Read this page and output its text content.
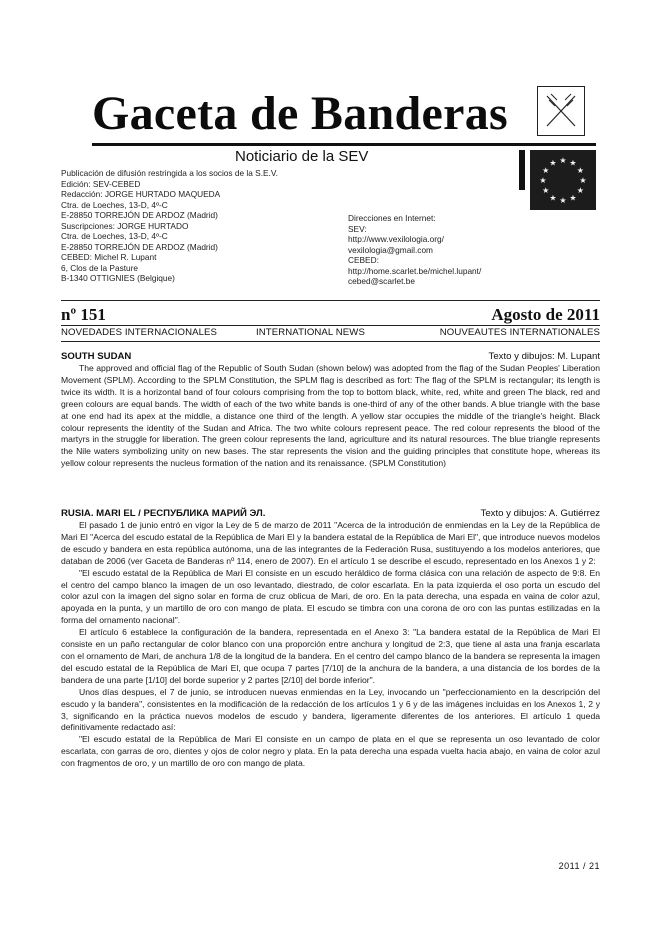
Gaceta de Banderas
Noticiario de la SEV	★ ★
★
★
★
★
★
★
★
★
★
★
Publicación de difusión restringida a los socios de la S.E.V.
Edición: SEV-CEBED
Redacción: JORGE HURTADO MAQUEDA
Ctra. de Loeches, 13-D, 4º-C
E-28850 TORREJÓN DE ARDOZ (Madrid)
Suscripciones: JORGE HURTADO
Ctra. de Loeches, 13-D, 4º-C
E-28850 TORREJÓN DE ARDOZ (Madrid)
CEBED: Michel R. Lupant
6, Clos de la Pasture
B-1340 OTTIGNIES (Belgique)
Direcciones en Internet:
SEV:
http://www.vexilologia.org/
vexilologia@gmail.com
CEBED:
http://home.scarlet.be/michel.lupant/
cebed@scarlet.be
nº 151	Agosto de 2011
NOVEDADES INTERNACIONALES	INTERNATIONAL NEWS	NOUVEAUTES INTERNATIONALES
SOUTH SUDAN	Texto y dibujos: M. Lupant

The approved and official flag of the Republic of South Sudan (shown below) was adopted from the flag of the Sudan Peoples' Liberation Movement (SPLM). According to the SPLM Constitution, the SPLM flag is described as fort: The flag of the SPLM is rectangular; its length is twice its width. It is a horizontal band of four colours comprising from the top to bottom black, white, red, white and green The black, red and green colours are equal bands. The width of each of the two white bands is one-third of any of the other bands. A blue triangle with the base at one end had its apex at the middle, a distance one third of the length. A yellow star occupies the middle of the triangle's height. Black colour represents the identity of the Sudan and Africa. The two white colours represent peace. The red colour represents the blood of the martyrs in the struggle for liberation. The green colour represents the land, agriculture and its natural resources. The blue triangle represents the Nile waters symbolizing unity on new bases. The star represents the vision and the guiding principles that constitute hope, whereas its yellow colour represents the nucleus formation of the nation and its renaissance. (SPLM Constitution)

RUSIA. MARI EL / РЕСПУБЛИКА МАРИЙ ЭЛ.	Texto y dibujos: A. Gutiérrez

El pasado 1 de junio entró en vigor la Ley de 5 de marzo de 2011 "Acerca de la introdución de enmiendas en la Ley de la República de Mari El "Acerca del escudo estatal de la República de Mari El y la bandera estatal de la República de Mari El", que introduce nuevos modelos de escudo y bandera en esta república autónoma, una de las integrantes de la Federación Rusa, sustituyendo a los modelos anteriores, que databan de 2006 (ver Gaceta de Banderas nº 114, enero de 2007). En el artículo 1 se describe el escudo, representado en los Anexos 1 y 2:

"El escudo estatal de la República de Mari El consiste en un escudo heráldico de forma clásica con una relación de aspecto de 9:8. En el centro del campo blanco la imagen de un oso levantado, diestrado, de color escarlata. En la pata izquierda el oso porta un escudo del color azul con la imagen del signo solar en forma de cruz oblicua de Mari, de oro. En la pata derecha, una espada en vaina de color azul, apoyada en la punta, y un martillo de oro con mango de plata. El escudo se timbra con una corona de oro con las puntas estilizadas en la forma del ornamento nacional".

El artículo 6 establece la configuración de la bandera, representada en el Anexo 3: "La bandera estatal de la República de Mari El consiste en un paño rectangular de color blanco con una proporción entre anchura y longitud de 2:3, que tiene al asta una franja escarlata con el ornamento de Mari, de anchura 1/8 de la longitud de la bandera. En el centro del campo blanco de la bandera se representa la imagen del escudo estatal de la República de Mari El, que ocupa 7 partes [7/10] de la anchura de la bandera, a una distancia de los bordes de la bandera de una parte [1/10] del borde superior y 2 partes [2/10] del borde inferior".

Unos días despues, el 7 de junio, se introducen nuevas enmiendas en la Ley, invocando un "perfeccionamiento en la descripción del escudo y la bandera", consistentes en la modificación de la redacción de los artículos 1 y 6 y de las imágenes incluidas en los Anexos 1, 2 y 3, significando en la práctica nuevos modelos de escudo y bandera, ligeramente diferentes de los anteriores. El artículo 1 queda definitivamente redactado así:

"El escudo estatal de la República de Mari El consiste en un campo de plata en el que se representa un oso levantado de color escarlata, con garras de oro, dientes y ojos de color negro y plata. En la pata derecha una espada vuelta hacia abajo, en vaina de color azul con fragmentos de oro, y un martillo de oro con mango de plata.

2011 / 21
